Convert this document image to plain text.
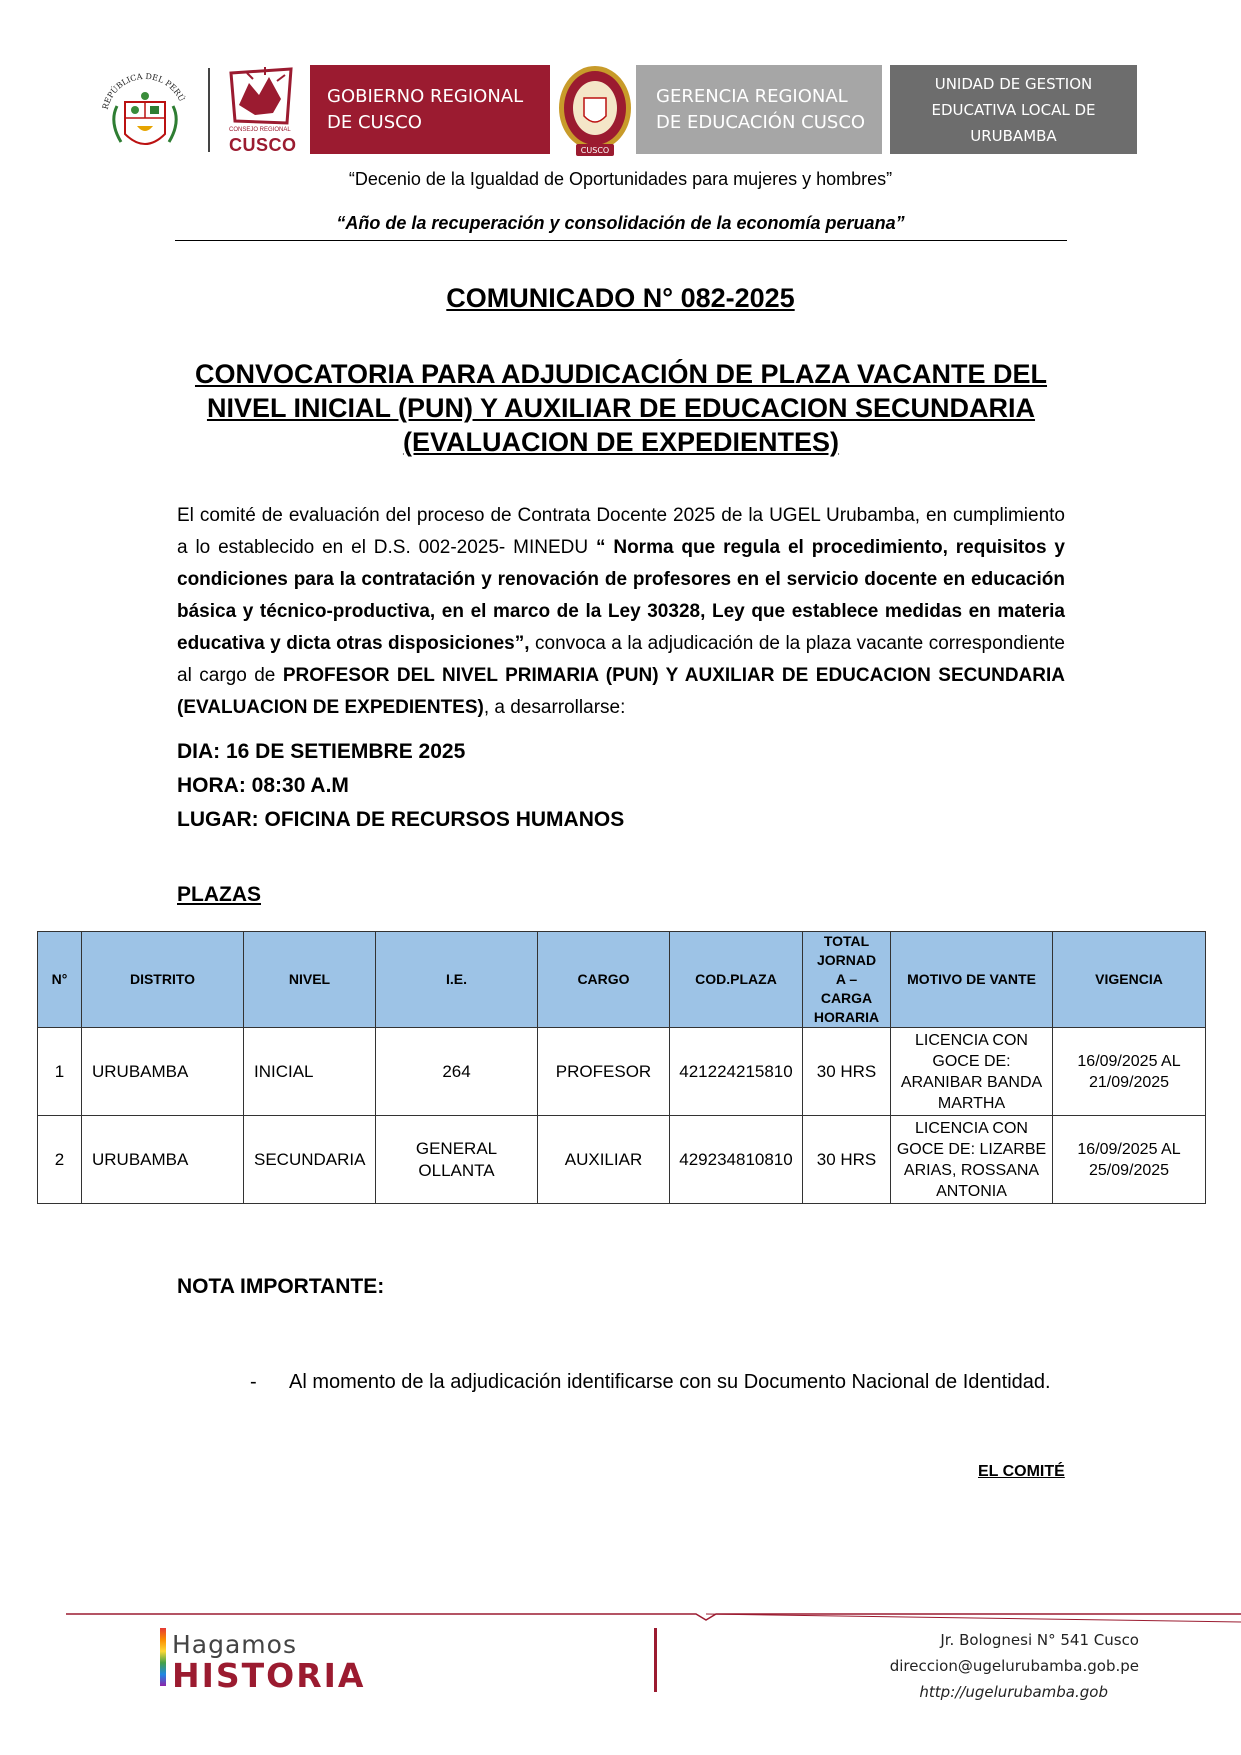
REPÚBLICA DEL PERÚ
CONSEJO REGIONAL
CUSCO
GOBIERNO REGIONAL
DE CUSCO
CUSCO
GERENCIA REGIONAL
DE EDUCACIÓN CUSCO
UNIDAD DE GESTION
EDUCATIVA LOCAL DE
URUBAMBA
“Decenio de la Igualdad de Oportunidades para mujeres y hombres”
“Año de la recuperación y consolidación de la economía peruana”
COMUNICADO N° 082-2025
CONVOCATORIA PARA ADJUDICACIÓN DE PLAZA VACANTE DEL NIVEL INICIAL (PUN) Y AUXILIAR DE EDUCACION SECUNDARIA (EVALUACION DE EXPEDIENTES)
El comité de evaluación del proceso de Contrata Docente 2025 de la UGEL Urubamba, en cumplimiento a lo establecido en el D.S. 002-2025- MINEDU “ Norma que regula el procedimiento, requisitos y condiciones para la contratación y renovación de profesores en el servicio docente en educación básica y técnico-productiva, en el marco de la Ley 30328, Ley que establece medidas en materia educativa y dicta otras disposiciones”, convoca a la adjudicación de la plaza vacante correspondiente al cargo de PROFESOR DEL NIVEL PRIMARIA (PUN) Y AUXILIAR DE EDUCACION SECUNDARIA (EVALUACION DE EXPEDIENTES), a desarrollarse:
DIA: 16 DE SETIEMBRE 2025
HORA: 08:30 A.M
LUGAR: OFICINA DE RECURSOS HUMANOS
PLAZAS
N°	DISTRITO	NIVEL	I.E.	CARGO	COD.PLAZA	TOTAL
JORNAD
A –
CARGA
HORARIA	MOTIVO DE VANTE	VIGENCIA
1	URUBAMBA	INICIAL	264	PROFESOR	421224215810	30 HRS	LICENCIA CON GOCE DE: ARANIBAR BANDA MARTHA	16/09/2025 AL 21/09/2025
2	URUBAMBA	SECUNDARIA	GENERAL OLLANTA	AUXILIAR	429234810810	30 HRS	LICENCIA CON GOCE DE: LIZARBE ARIAS, ROSSANA ANTONIA	16/09/2025 AL 25/09/2025
NOTA IMPORTANTE:
- Al momento de la adjudicación identificarse con su Documento Nacional de Identidad.
EL COMITÉ
Hagamos
HISTORIA
Jr. Bolognesi N° 541 Cusco
direccion@ugelurubamba.gob.pe
http://ugelurubamba.gob
